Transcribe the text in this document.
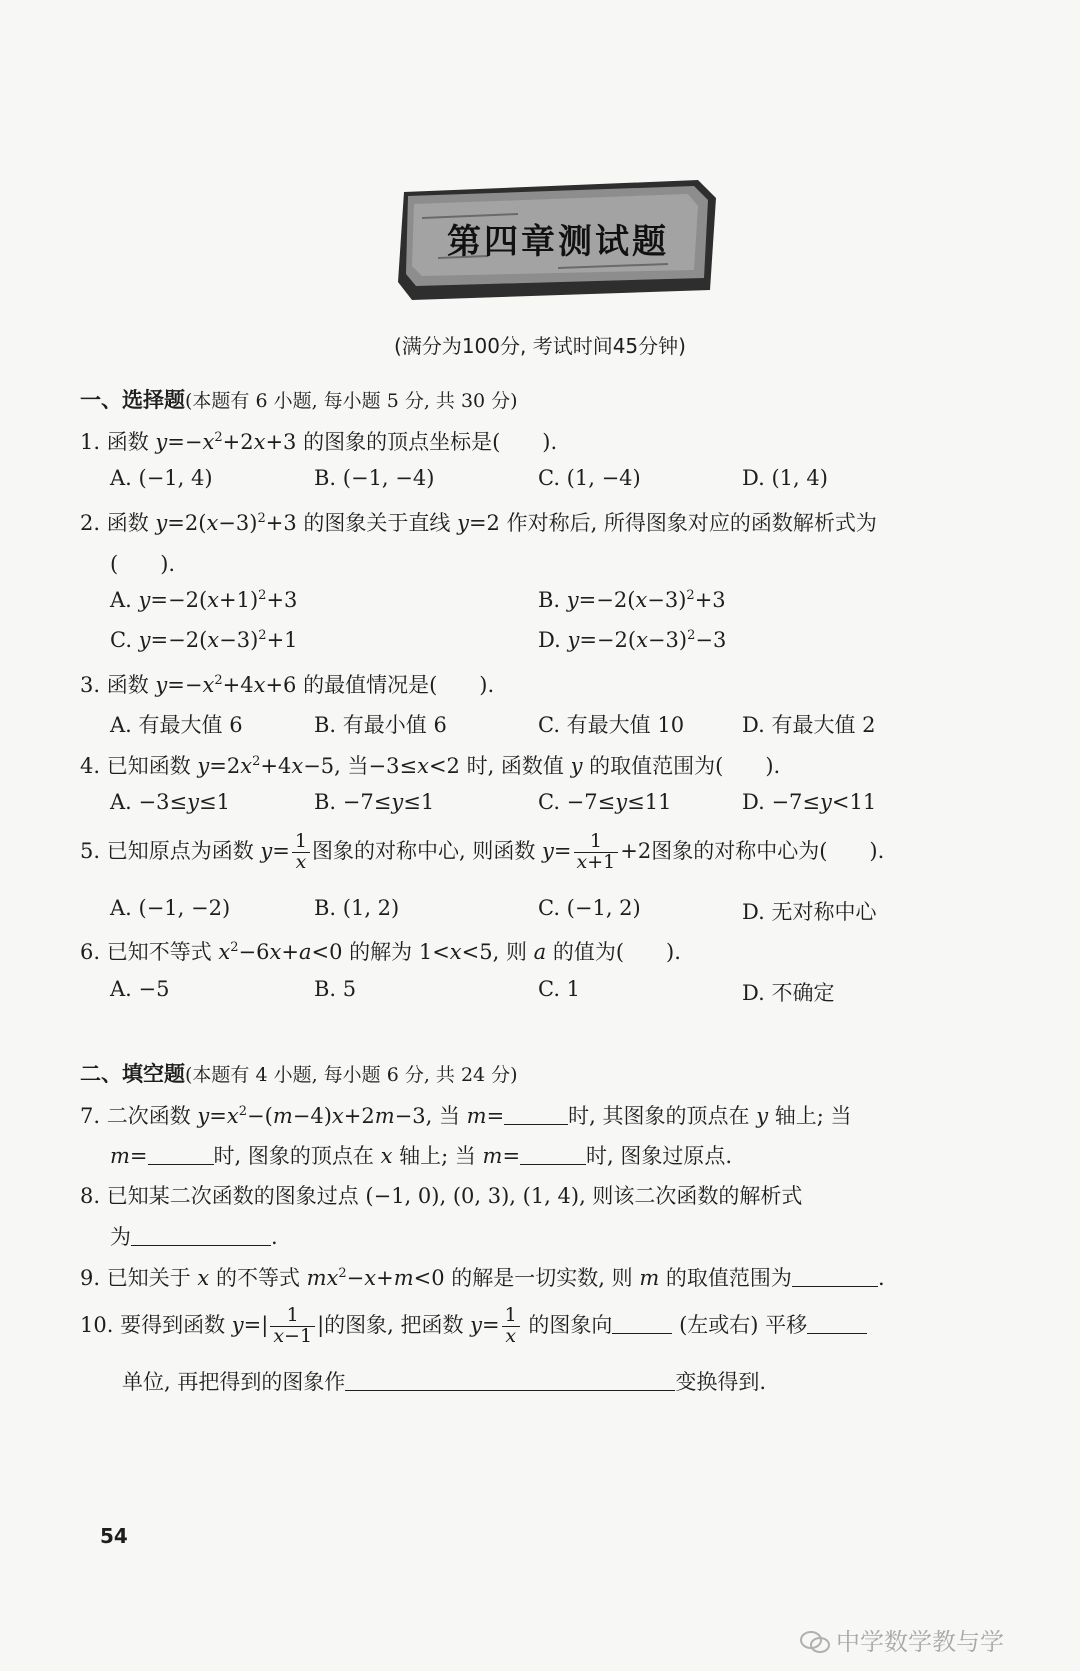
第四章测试题
(满分为100分, 考试时间45分钟)
一、选择题(本题有 6 小题, 每小题 5 分, 共 30 分)
1. 函数 $y=-x^2+2x+3$ 的图象的顶点坐标是(　　).
A. (−1, 4)	B. (−1, −4)	C. (1, −4)	D. (1, 4)
2. 函数 $y=2(x-3)^2+3$ 的图象关于直线 y=2 作对称后, 所得图象对应的函数解析式为
(　　).
A. $y=-2(x+1)^2+3$	B. $y=-2(x-3)^2+3$
C. $y=-2(x-3)^2+1$	D. $y=-2(x-3)^2-3$
3. 函数 $y=-x^2+4x+6$ 的最值情况是(　　).
A. 有最大值 6	B. 有最小值 6	C. 有最大值 10	D. 有最大值 2
4. 已知函数 $y=2x^2+4x-5$, 当−3≤x<2 时, 函数值 y 的取值范围为(　　).
A. −3≤y≤1	B. −7≤y≤1	C. −7≤y≤11	D. −7≤y<11
5. 已知原点为函数 $y= \frac{1}{x}$ 图象的对称中心, 则函数 $y= \frac{1}{x+1} +2$图象的对称中心为(　　).
A. (−1, −2)	B. (1, 2)	C. (−1, 2)	D. 无对称中心
6. 已知不等式 $x^2-6x+a<0$ 的解为 1<x<5, 则 a 的值为(　　).
A. −5	B. 5	C. 1	D. 不确定
二、填空题(本题有 4 小题, 每小题 6 分, 共 24 分)
7. 二次函数 $y=x^2-(m-4)x+2m-3$, 当 m=	时, 其图象的顶点在 y 轴上; 当
m=	时, 图象的顶点在 x 轴上; 当 m=	时, 图象过原点.
8. 已知某二次函数的图象过点 (−1, 0), (0, 3), (1, 4), 则该二次函数的解析式
为	.
9. 已知关于 x 的不等式 $mx^2-x+m<0$ 的解是一切实数, 则 m 的取值范围为	.
10. 要得到函数 $y=| \frac{1}{x-1}$ |的图象, 把函数 $y= \frac{1}{x}$ 的图象向	(左或右) 平移
单位, 再把得到的图象作	变换得到.
54
中学数学教与学
